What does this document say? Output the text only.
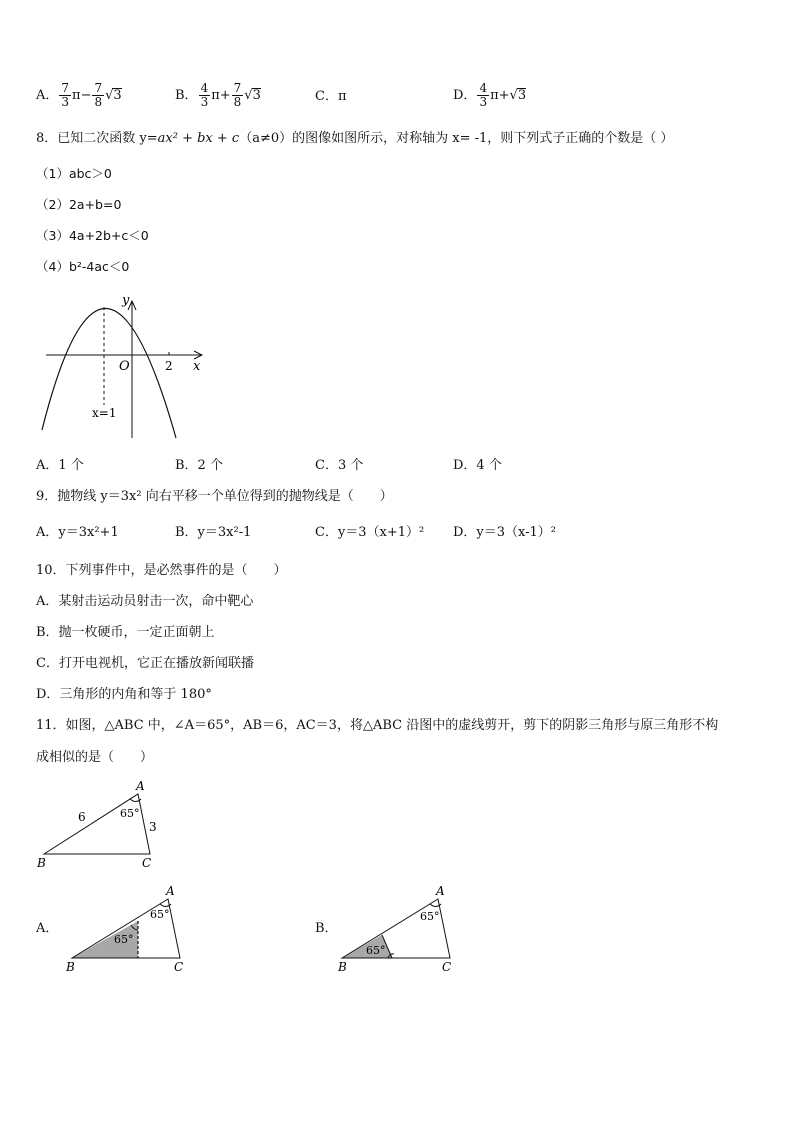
A． $\frac{7}{3} \pi- \frac{7}{8} √3$	B． $\frac{4}{3} \pi+ \frac{7}{8} √3$	C．π	D． $\frac{4}{3} \pi+ √3$
8．已知二次函数 y=ax² + bx + c（a≠0）的图像如图所示，对称轴为 x= -1，则下列式子正确的个数是（ ）
（1）abc＞0
（2）2a+b=0
（3）4a+2b+c＜0
（4）b²-4ac＜0
y
x
O	2
x=1
A．1 个	B．2 个	C．3 个	D．4 个
9．抛物线 y＝3x² 向右平移一个单位得到的抛物线是（　　）
A．y＝3x²+1	B．y＝3x²-1	C．y＝3（x+1）² D．y＝3（x-1）²
10．下列事件中，是必然事件的是（　　）
A．某射击运动员射击一次，命中靶心
B．抛一枚硬币，一定正面朝上
C．打开电视机，它正在播放新闻联播
D．三角形的内角和等于 180°
11．如图，△ABC 中，∠A＝65°，AB＝6，AC＝3，将△ABC 沿图中的虚线剪开，剪下的阴影三角形与原三角形不构
成相似的是（　　）
A
B	C
6
3
65°
A．
A
B	C
65°
65°
B．
A
B	C
65°
65°
